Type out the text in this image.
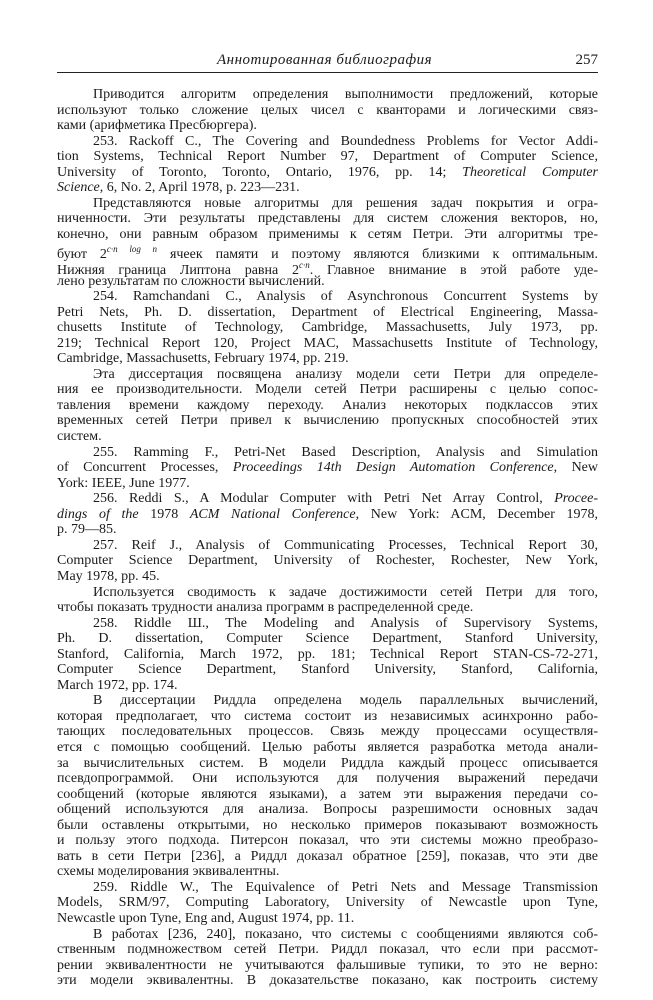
Аннотированная библиография	257
Приводится алгоритм определения выполнимости предложений, которые
используют только сложение целых чисел с кванторами и логическими связ-
ками (арифметика Пресбюргера).
253. Rackoff C., The Covering and Boundedness Problems for Vector Addi-
tion Systems, Technical Report Number 97, Department of Computer Science,
University of Toronto, Toronto, Ontario, 1976, pp. 14; Theoretical Computer
Science, 6, No. 2, April 1978, p. 223—231.
Представляются новые алгоритмы для решения задач покрытия и огра-
ниченности. Эти результаты представлены для систем сложения векторов, но,
конечно, они равным образом применимы к сетям Петри. Эти алгоритмы тре-
буют $2^{c\cdot n log n}$ ячеек памяти и поэтому являются близкими к оптимальным.
Нижняя граница Липтона равна $2^{c\cdot n}$. Главное внимание в этой работе уде-
лено результатам по сложности вычислений.
254. Ramchandani C., Analysis of Asynchronous Concurrent Systems by
Petri Nets, Ph. D. dissertation, Department of Electrical Engineering, Massa-
chusetts Institute of Technology, Cambridge, Massachusetts, July 1973, pp.
219; Technical Report 120, Project MAC, Massachusetts Institute of Technology,
Cambridge, Massachusetts, February 1974, pp. 219.
Эта диссертация посвящена анализу модели сети Петри для определе-
ния ее производительности. Модели сетей Петри расширены с целью сопос-
тавления времени каждому переходу. Анализ некоторых подклассов этих
временных сетей Петри привел к вычислению пропускных способностей этих
систем.
255. Ramming F., Petri-Net Based Description, Analysis and Simulation
of Concurrent Processes, Proceedings 14th Design Automation Conference, New
York: IEEE, June 1977.
256. Reddi S., A Modular Computer with Petri Net Array Control, Procee-
dings of the 1978 ACM National Conference, New York: ACM, December 1978,
p. 79—85.
257. Reif J., Analysis of Communicating Processes, Technical Report 30,
Computer Science Department, University of Rochester, Rochester, New York,
May 1978, pp. 45.
Используется сводимость к задаче достижимости сетей Петри для того,
чтобы показать трудности анализа программ в распределенной среде.
258. Riddle Ш., The Modeling and Analysis of Supervisory Systems,
Ph. D. dissertation, Computer Science Department, Stanford University,
Stanford, California, March 1972, pp. 181; Technical Report STAN-CS-72-271,
Computer Science Department, Stanford University, Stanford, California,
March 1972, pp. 174.
В диссертации Риддла определена модель параллельных вычислений,
которая предполагает, что система состоит из независимых асинхронно рабо-
тающих последовательных процессов. Связь между процессами осуществля-
ется с помощью сообщений. Целью работы является разработка метода анали-
за вычислительных систем. В модели Риддла каждый процесс описывается
псевдопрограммой. Они используются для получения выражений передачи
сообщений (которые являются языками), а затем эти выражения передачи со-
общений используются для анализа. Вопросы разрешимости основных задач
были оставлены открытыми, но несколько примеров показывают возможность
и пользу этого подхода. Питерсон показал, что эти системы можно преобразо-
вать в сети Петри [236], а Риддл доказал обратное [259], показав, что эти две
схемы моделирования эквивалентны.
259. Riddle W., The Equivalence of Petri Nets and Message Transmission
Models, SRM/97, Computing Laboratory, University of Newcastle upon Tyne,
Newcastle upon Tyne, Eng and, August 1974, pp. 11.
В работах [236, 240], показано, что системы с сообщениями являются соб-
ственным подмножеством сетей Петри. Риддл показал, что если при рассмот-
рении эквивалентности не учитываются фальшивые тупики, то это не верно:
эти модели эквивалентны. В доказательстве показано, как построить систему
